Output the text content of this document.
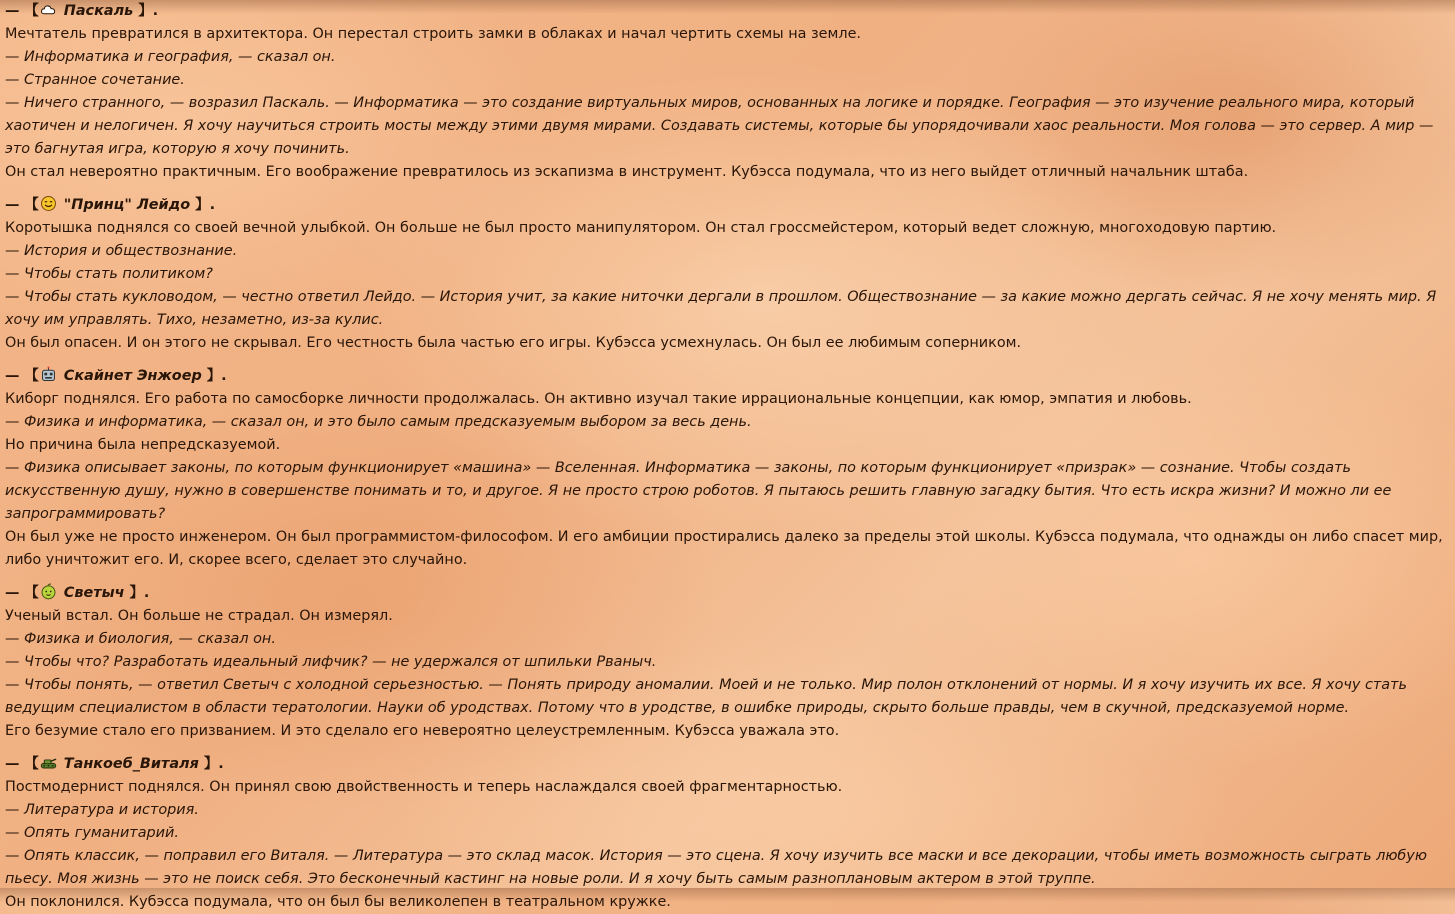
— 【
Паскаль 】.

Мечтатель превратился в архитектора. Он перестал строить замки в облаках и начал чертить схемы на земле.

— Информатика и география, — сказал он.

— Странное сочетание.

— Ничего странного, — возразил Паскаль. — Информатика — это создание виртуальных миров, основанных на логике и порядке. География — это изучение реального мира, который хаотичен и нелогичен. Я хочу научиться строить мосты между этими двумя мирами. Создавать системы, которые бы упорядочивали хаос реальности. Моя голова — это сервер. А мир — это багнутая игра, которую я хочу починить.

Он стал невероятно практичным. Его воображение превратилось из эскапизма в инструмент. Кубэсса подумала, что из него выйдет отличный начальник штаба.

— 【
"Принц" Лейдо 】.

Коротышка поднялся со своей вечной улыбкой. Он больше не был просто манипулятором. Он стал гроссмейстером, который ведет сложную, многоходовую партию.

— История и обществознание.

— Чтобы стать политиком?

— Чтобы стать кукловодом, — честно ответил Лейдо. — История учит, за какие ниточки дергали в прошлом. Обществознание — за какие можно дергать сейчас. Я не хочу менять мир. Я хочу им управлять. Тихо, незаметно, из-за кулис.

Он был опасен. И он этого не скрывал. Его честность была частью его игры. Кубэсса усмехнулась. Он был ее любимым соперником.

— 【
Скайнет Энжоер 】.

Киборг поднялся. Его работа по самосборке личности продолжалась. Он активно изучал такие иррациональные концепции, как юмор, эмпатия и любовь.

— Физика и информатика, — сказал он, и это было самым предсказуемым выбором за весь день.

Но причина была непредсказуемой.

— Физика описывает законы, по которым функционирует «машина» — Вселенная. Информатика — законы, по которым функционирует «призрак» — сознание. Чтобы создать искусственную душу, нужно в совершенстве понимать и то, и другое. Я не просто строю роботов. Я пытаюсь решить главную загадку бытия. Что есть искра жизни? И можно ли ее запрограммировать?

Он был уже не просто инженером. Он был программистом-философом. И его амбиции простирались далеко за пределы этой школы. Кубэсса подумала, что однажды он либо спасет мир, либо уничтожит его. И, скорее всего, сделает это случайно.

— 【
Светыч 】.

Ученый встал. Он больше не страдал. Он измерял.

— Физика и биология, — сказал он.

— Чтобы что? Разработать идеальный лифчик? — не удержался от шпильки Рваныч.

— Чтобы понять, — ответил Светыч с холодной серьезностью. — Понять природу аномалии. Моей и не только. Мир полон отклонений от нормы. И я хочу изучить их все. Я хочу стать ведущим специалистом в области тератологии. Науки об уродствах. Потому что в уродстве, в ошибке природы, скрыто больше правды, чем в скучной, предсказуемой норме.

Его безумие стало его призванием. И это сделало его невероятно целеустремленным. Кубэсса уважала это.

— 【
Танкоеб_Виталя 】.

Постмодернист поднялся. Он принял свою двойственность и теперь наслаждался своей фрагментарностью.

— Литература и история.

— Опять гуманитарий.

— Опять классик, — поправил его Виталя. — Литература — это склад масок. История — это сцена. Я хочу изучить все маски и все декорации, чтобы иметь возможность сыграть любую пьесу. Моя жизнь — это не поиск себя. Это бесконечный кастинг на новые роли. И я хочу быть самым разноплановым актером в этой труппе.

Он поклонился. Кубэсса подумала, что он был бы великолепен в театральном кружке.
